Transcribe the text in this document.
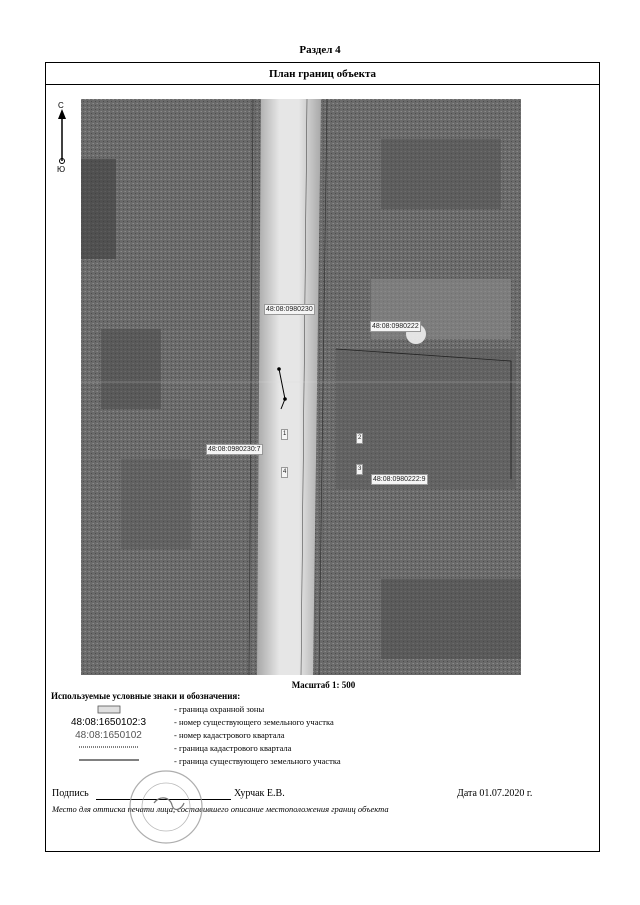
Раздел 4
План границ объекта
С
Ю
48:08:0980230
48:08:0980222
48:08:0980230:7
48:08:0980222:9
1
2
3
4
Масштаб 1: 500
Используемые условные знаки и обозначения:
- граница охранной зоны
48:08:1650102:3	- номер существующего земельного участка
48:08:1650102	- номер кадастрового квартала
- граница кадастрового квартала
- граница существующего земельного участка
Подпись	Хурчак Е.В.	Дата 01.07.2020 г.
Место для оттиска печати лица, составившего описание местоположения границ объекта
